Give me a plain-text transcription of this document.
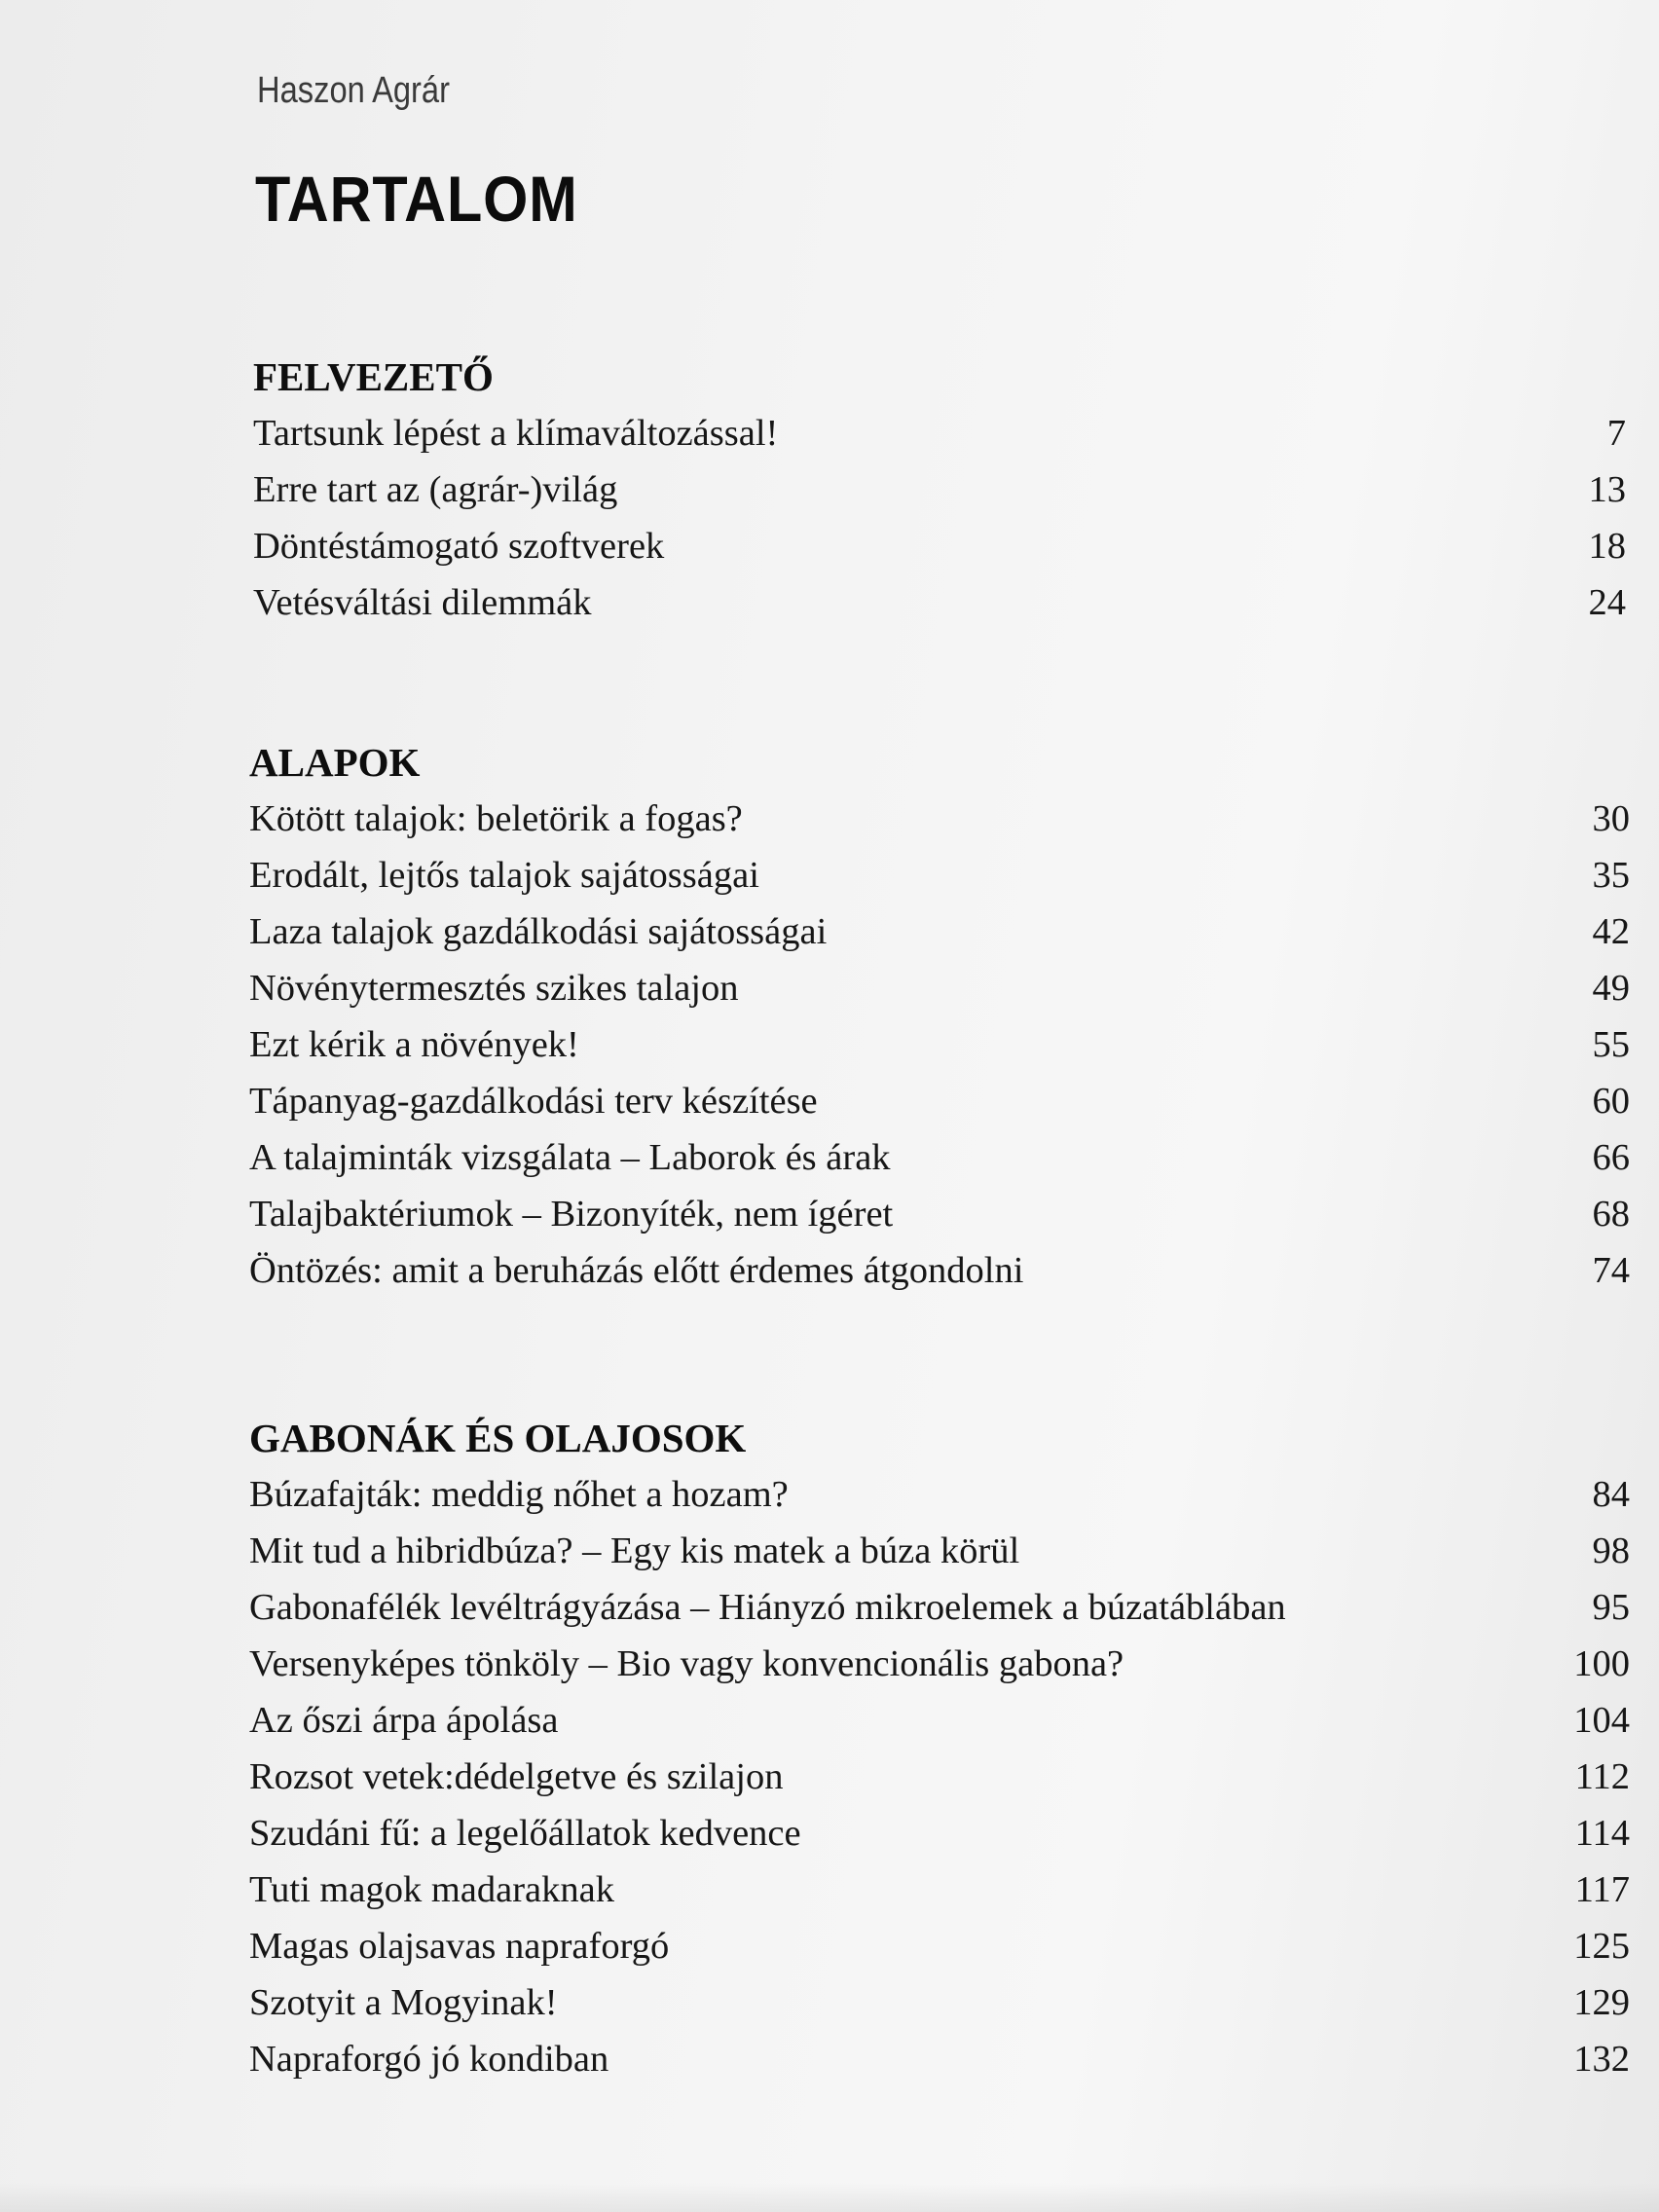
Haszon Agrár
TARTALOM
FELVEZETŐ
Tartsunk lépést a klímaváltozással!	7
Erre tart az (agrár-)világ	13
Döntéstámogató szoftverek	18
Vetésváltási dilemmák	24
ALAPOK
Kötött talajok: beletörik a fogas?	30
Erodált, lejtős talajok sajátosságai	35
Laza talajok gazdálkodási sajátosságai	42
Növénytermesztés szikes talajon	49
Ezt kérik a növények!	55
Tápanyag-gazdálkodási terv készítése	60
A talajminták vizsgálata – Laborok és árak	66
Talajbaktériumok – Bizonyíték, nem ígéret	68
Öntözés: amit a beruházás előtt érdemes átgondolni	74
GABONÁK ÉS OLAJOSOK
Búzafajták: meddig nőhet a hozam?	84
Mit tud a hibridbúza? – Egy kis matek a búza körül	98
Gabonafélék levéltrágyázása – Hiányzó mikroelemek a búzatáblában	95
Versenyképes tönköly – Bio vagy konvencionális gabona?	100
Az őszi árpa ápolása	104
Rozsot vetek:dédelgetve és szilajon	112
Szudáni fű: a legelőállatok kedvence	114
Tuti magok madaraknak	117
Magas olajsavas napraforgó	125
Szotyit a Mogyinak!	129
Napraforgó jó kondiban	132
